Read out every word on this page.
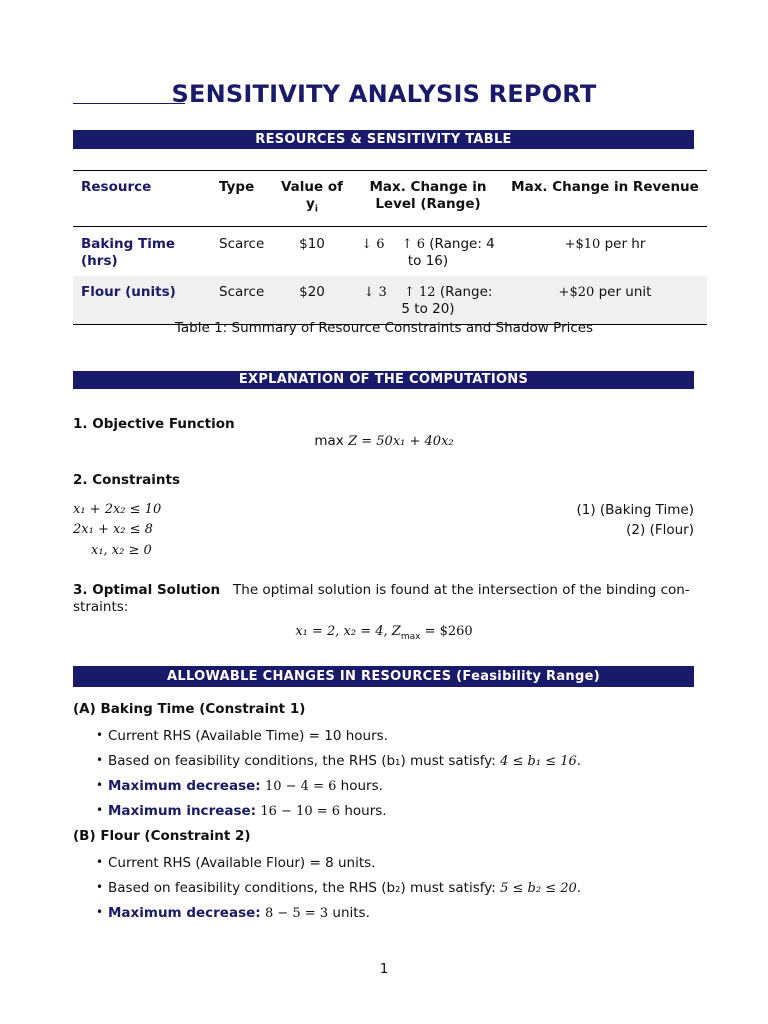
SENSITIVITY ANALYSIS REPORT
RESOURCES & SENSITIVITY TABLE
Resource	Type	Value of $y_i$	Max. Change in Level (Range)	Max. Change in Revenue
Baking Time (hrs)	Scarce	$10	↓ 6 ↑ 6 (Range: 4 to 16)	+$10 per hr
Flour (units)	Scarce	$20	↓ 3 ↑ 12 (Range: 5 to 20)	+$20 per unit
Table 1: Summary of Resource Constraints and Shadow Prices
EXPLANATION OF THE COMPUTATIONS
1. Objective Function
max Z = 50x₁ + 40x₂
2. Constraints
x₁ + 2x₂ ≤ 10	(1) (Baking Time)
2x₁ + x₂ ≤ 8	(2) (Flour)
x₁, x₂ ≥ 0
3. Optimal Solution The optimal solution is found at the intersection of the binding con-
straints:
x₁ = 2, x₂ = 4, $Z_{max}$ = $260
ALLOWABLE CHANGES IN RESOURCES (Feasibility Range)
(A) Baking Time (Constraint 1)
• Current RHS (Available Time) = 10 hours.
• Based on feasibility conditions, the RHS (b₁) must satisfy: 4 ≤ b₁ ≤ 16.
• Maximum decrease: 10 − 4 = 6 hours.
• Maximum increase: 16 − 10 = 6 hours.
(B) Flour (Constraint 2)
• Current RHS (Available Flour) = 8 units.
• Based on feasibility conditions, the RHS (b₂) must satisfy: 5 ≤ b₂ ≤ 20.
• Maximum decrease: 8 − 5 = 3 units.
1
